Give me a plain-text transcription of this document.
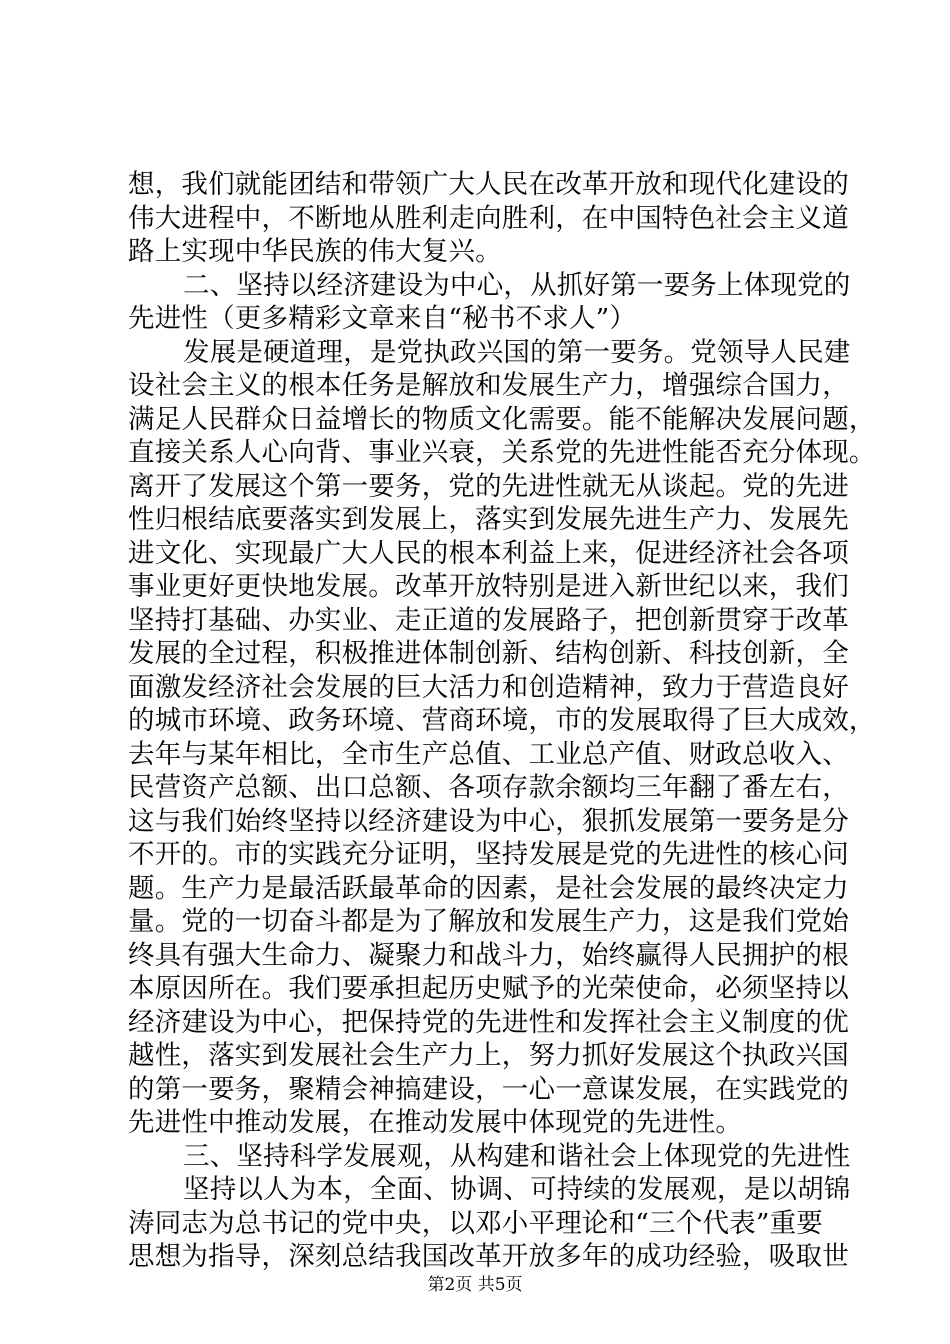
想，我们就能团结和带领广大人民在改革开放和现代化建设的
伟大进程中，不断地从胜利走向胜利，在中国特色社会主义道
路上实现中华民族的伟大复兴。
二、坚持以经济建设为中心，从抓好第一要务上体现党的
先进性（更多精彩文章来自“秘书不求人”）
发展是硬道理，是党执政兴国的第一要务。党领导人民建
设社会主义的根本任务是解放和发展生产力，增强综合国力，
满足人民群众日益增长的物质文化需要。能不能解决发展问题，
直接关系人心向背、事业兴衰，关系党的先进性能否充分体现。
离开了发展这个第一要务，党的先进性就无从谈起。党的先进
性归根结底要落实到发展上，落实到发展先进生产力、发展先
进文化、实现最广大人民的根本利益上来，促进经济社会各项
事业更好更快地发展。改革开放特别是进入新世纪以来，我们
坚持打基础、办实业、走正道的发展路子，把创新贯穿于改革
发展的全过程，积极推进体制创新、结构创新、科技创新，全
面激发经济社会发展的巨大活力和创造精神，致力于营造良好
的城市环境、政务环境、营商环境，市的发展取得了巨大成效，
去年与某年相比，全市生产总值、工业总产值、财政总收入、
民营资产总额、出口总额、各项存款余额均三年翻了番左右，
这与我们始终坚持以经济建设为中心，狠抓发展第一要务是分
不开的。市的实践充分证明，坚持发展是党的先进性的核心问
题。生产力是最活跃最革命的因素，是社会发展的最终决定力
量。党的一切奋斗都是为了解放和发展生产力，这是我们党始
终具有强大生命力、凝聚力和战斗力，始终赢得人民拥护的根
本原因所在。我们要承担起历史赋予的光荣使命，必须坚持以
经济建设为中心，把保持党的先进性和发挥社会主义制度的优
越性，落实到发展社会生产力上，努力抓好发展这个执政兴国
的第一要务，聚精会神搞建设，一心一意谋发展，在实践党的
先进性中推动发展，在推动发展中体现党的先进性。
三、坚持科学发展观，从构建和谐社会上体现党的先进性
坚持以人为本，全面、协调、可持续的发展观，是以胡锦
涛同志为总书记的党中央，以邓小平理论和“三个代表”重要
思想为指导，深刻总结我国改革开放多年的成功经验，吸取世
第2页 共5页
